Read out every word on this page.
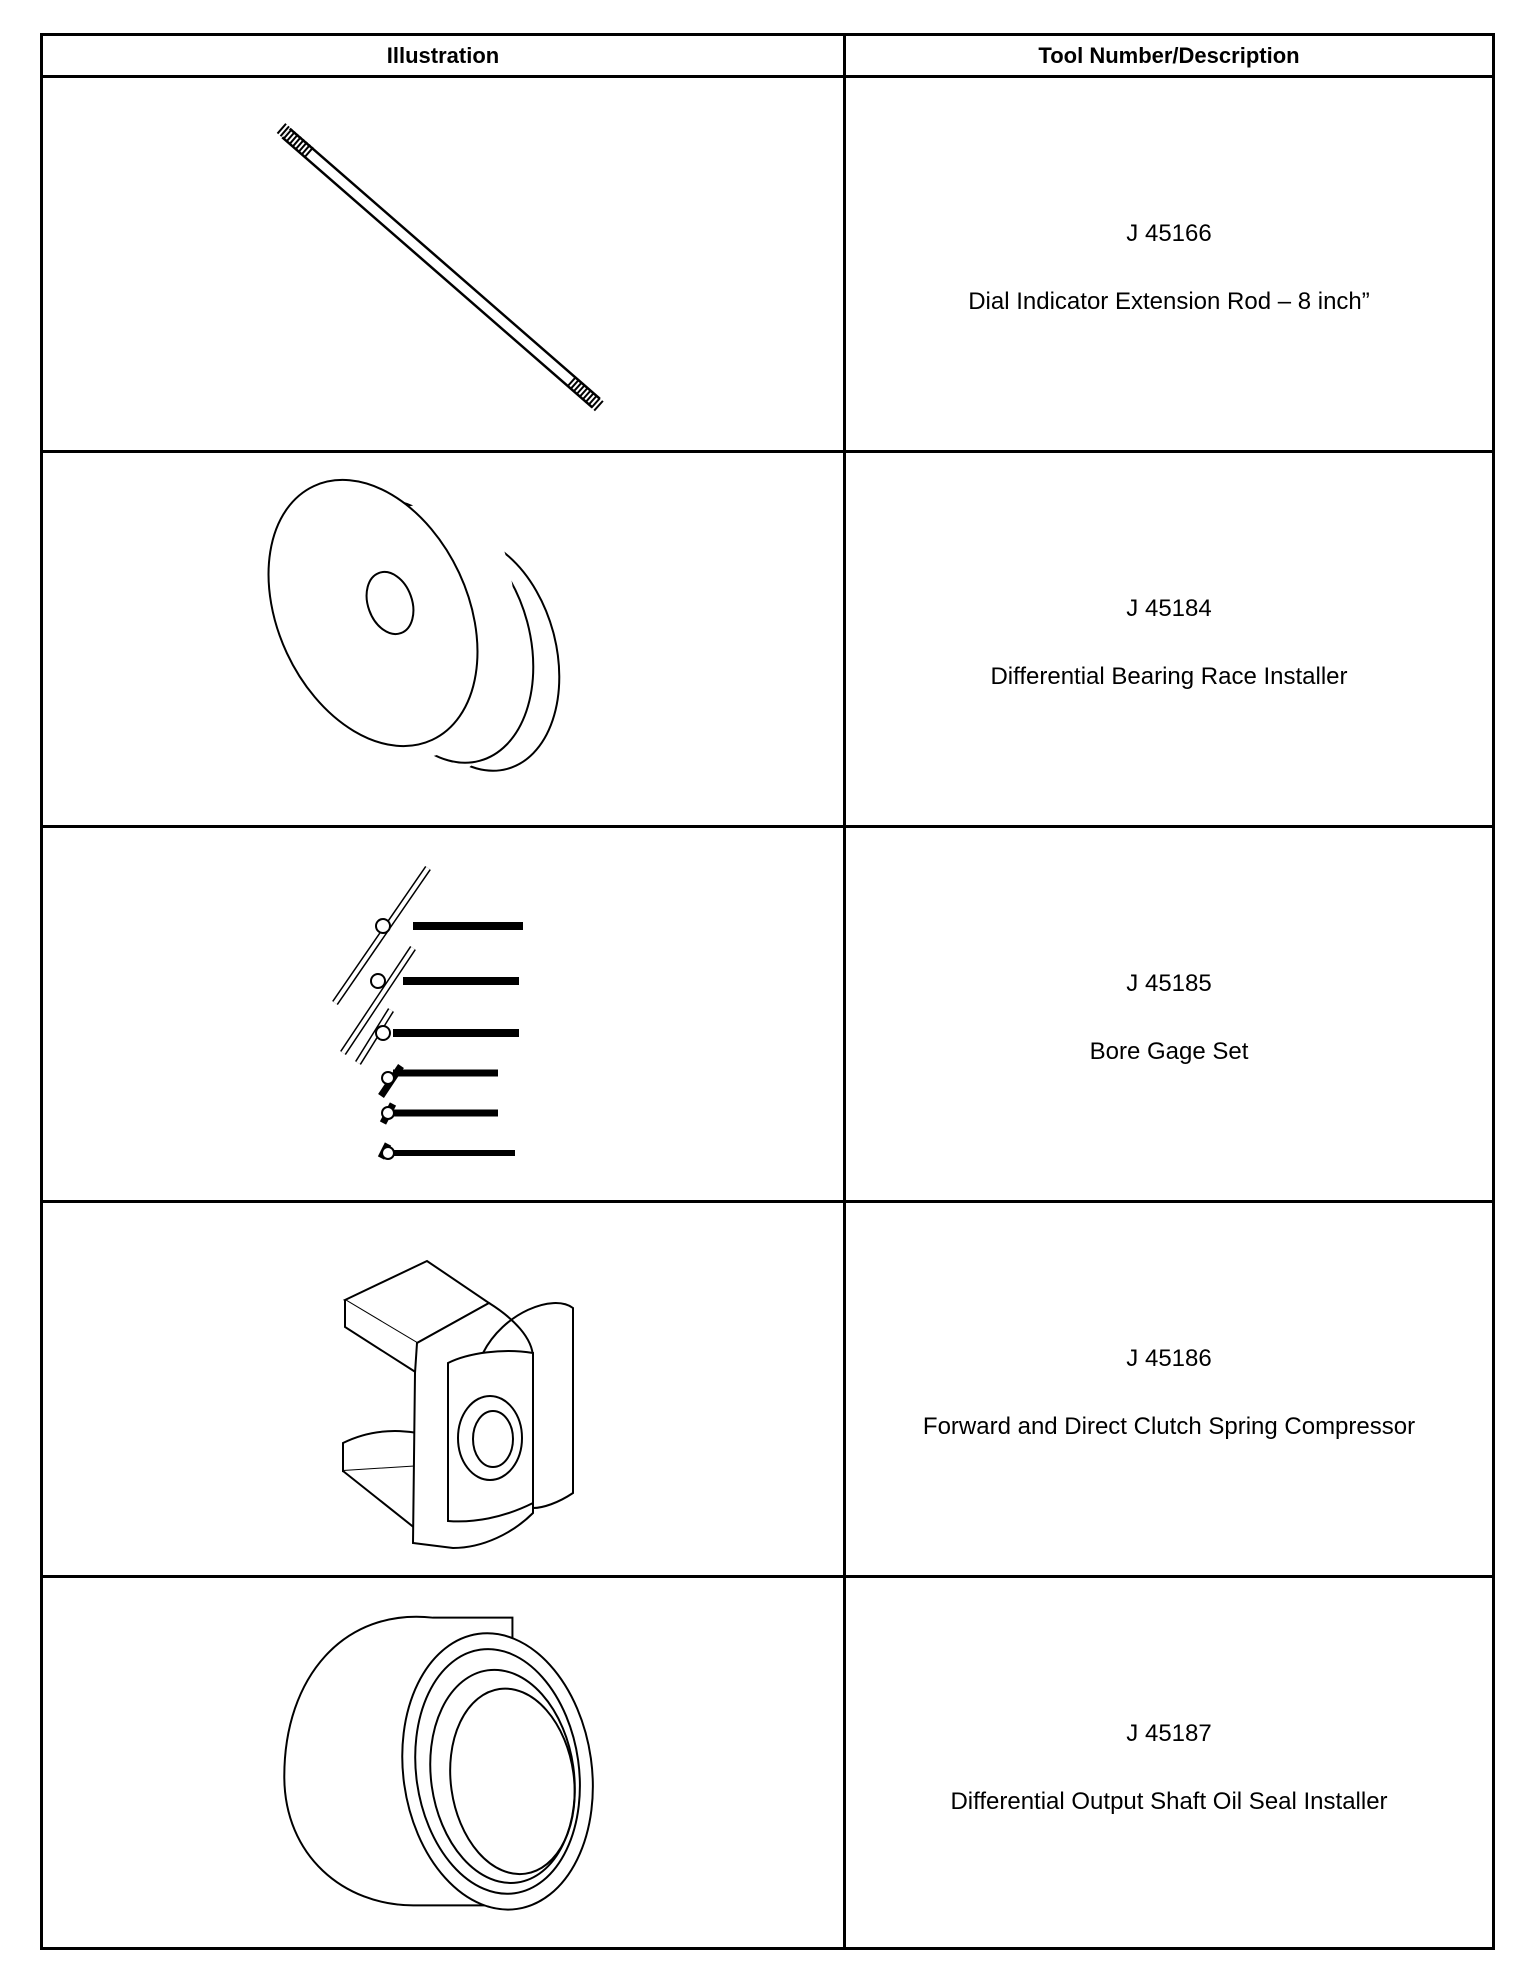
Illustration	Tool Number/Description
J 45166
Dial Indicator Extension Rod – 8 inch”
J 45184
Differential Bearing Race Installer
J 45185
Bore Gage Set
J 45186
Forward and Direct Clutch Spring Compressor
J 45187
Differential Output Shaft Oil Seal Installer
